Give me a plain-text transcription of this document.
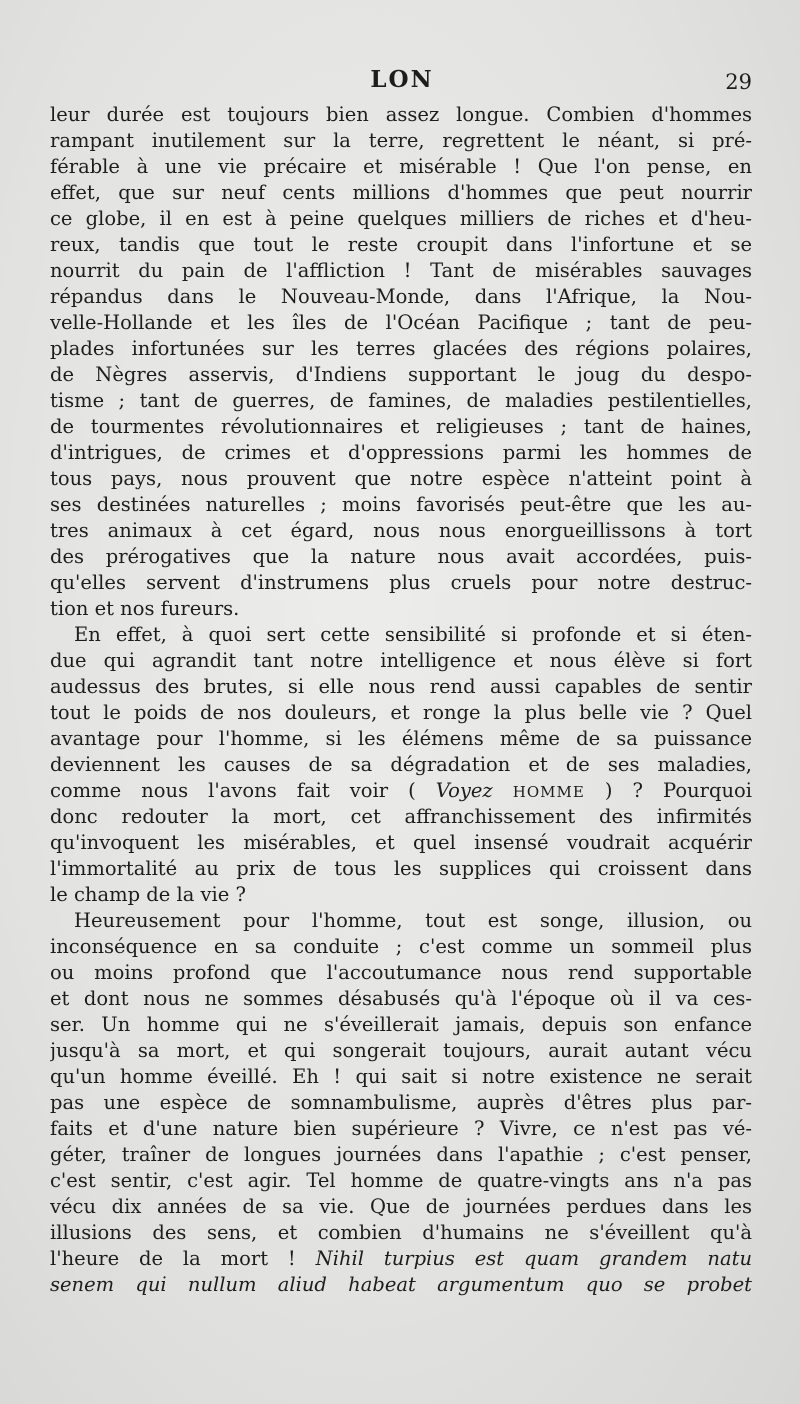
LON	29
leur durée est toujours bien assez longue. Combien d'hommes
rampant inutilement sur la terre, regrettent le néant, si pré-
férable à une vie précaire et misérable ! Que l'on pense, en
effet, que sur neuf cents millions d'hommes que peut nourrir
ce globe, il en est à peine quelques milliers de riches et d'heu-
reux, tandis que tout le reste croupit dans l'infortune et se
nourrit du pain de l'affliction ! Tant de misérables sauvages
répandus dans le Nouveau-Monde, dans l'Afrique, la Nou-
velle-Hollande et les îles de l'Océan Pacifique ; tant de peu-
plades infortunées sur les terres glacées des régions polaires,
de Nègres asservis, d'Indiens supportant le joug du despo-
tisme ; tant de guerres, de famines, de maladies pestilentielles,
de tourmentes révolutionnaires et religieuses ; tant de haines,
d'intrigues, de crimes et d'oppressions parmi les hommes de
tous pays, nous prouvent que notre espèce n'atteint point à
ses destinées naturelles ; moins favorisés peut-être que les au-
tres animaux à cet égard, nous nous enorgueillissons à tort
des prérogatives que la nature nous avait accordées, puis-
qu'elles servent d'instrumens plus cruels pour notre destruc-
tion et nos fureurs.
En effet, à quoi sert cette sensibilité si profonde et si éten-
due qui agrandit tant notre intelligence et nous élève si fort
audessus des brutes, si elle nous rend aussi capables de sentir
tout le poids de nos douleurs, et ronge la plus belle vie ? Quel
avantage pour l'homme, si les élémens même de sa puissance
deviennent les causes de sa dégradation et de ses maladies,
comme nous l'avons fait voir ( Voyez HOMME ) ? Pourquoi
donc redouter la mort, cet affranchissement des infirmités
qu'invoquent les misérables, et quel insensé voudrait acquérir
l'immortalité au prix de tous les supplices qui croissent dans
le champ de la vie ?
Heureusement pour l'homme, tout est songe, illusion, ou
inconséquence en sa conduite ; c'est comme un sommeil plus
ou moins profond que l'accoutumance nous rend supportable
et dont nous ne sommes désabusés qu'à l'époque où il va ces-
ser. Un homme qui ne s'éveillerait jamais, depuis son enfance
jusqu'à sa mort, et qui songerait toujours, aurait autant vécu
qu'un homme éveillé. Eh ! qui sait si notre existence ne serait
pas une espèce de somnambulisme, auprès d'êtres plus par-
faits et d'une nature bien supérieure ? Vivre, ce n'est pas vé-
géter, traîner de longues journées dans l'apathie ; c'est penser,
c'est sentir, c'est agir. Tel homme de quatre-vingts ans n'a pas
vécu dix années de sa vie. Que de journées perdues dans les
illusions des sens, et combien d'humains ne s'éveillent qu'à
l'heure de la mort ! Nihil turpius est quam grandem natu
senem qui nullum aliud habeat argumentum quo se probet
